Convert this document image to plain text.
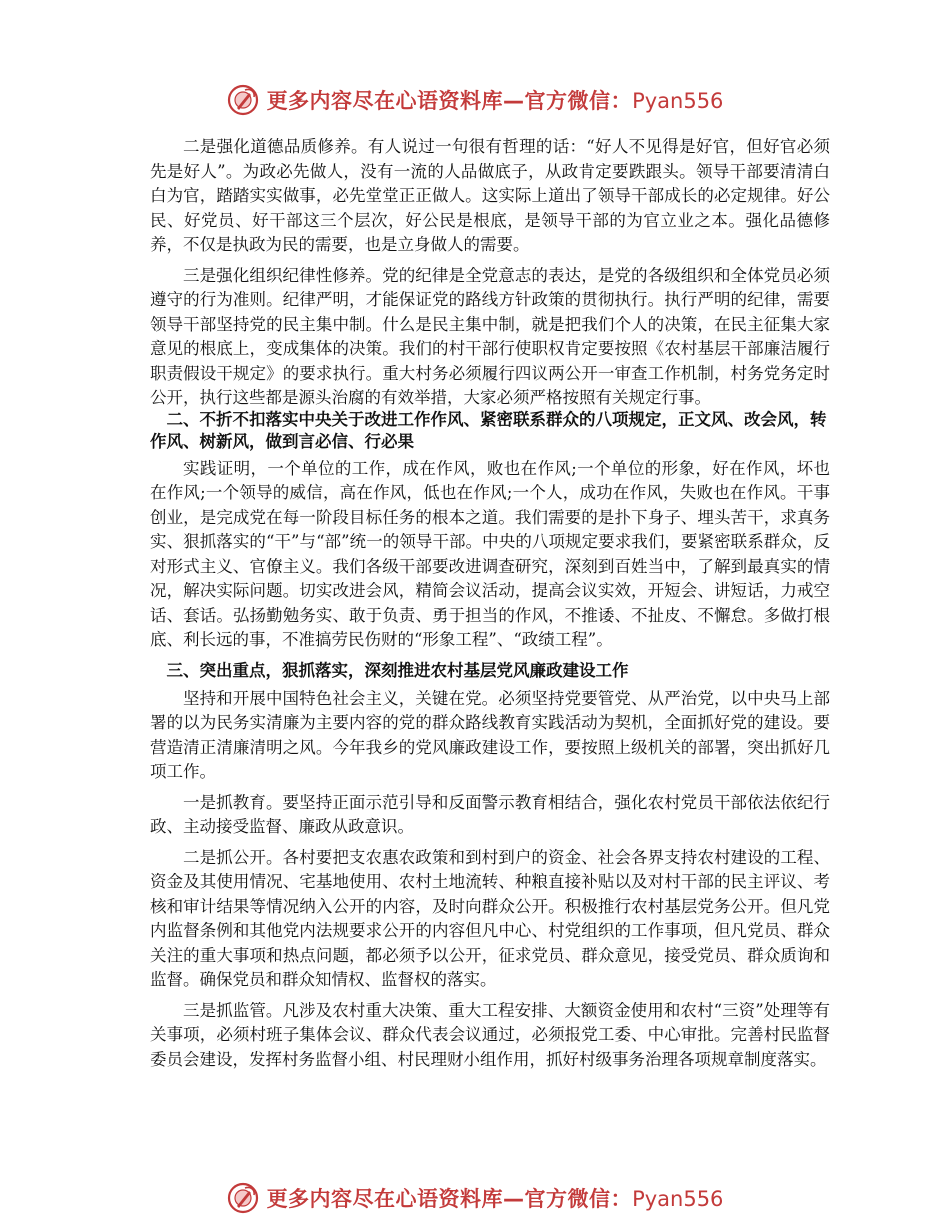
更多内容尽在心语资料库—官方微信：Pyan556

二是强化道德品质修养。有人说过一句很有哲理的话：“好人不见得是好官，但好官必须先是好人”。为政必先做人，没有一流的人品做底子，从政肯定要跌跟头。领导干部要清清白白为官，踏踏实实做事，必先堂堂正正做人。这实际上道出了领导干部成长的必定规律。好公民、好党员、好干部这三个层次，好公民是根底，是领导干部的为官立业之本。强化品德修养，不仅是执政为民的需要，也是立身做人的需要。

三是强化组织纪律性修养。党的纪律是全党意志的表达，是党的各级组织和全体党员必须遵守的行为准则。纪律严明，才能保证党的路线方针政策的贯彻执行。执行严明的纪律，需要领导干部坚持党的民主集中制。什么是民主集中制，就是把我们个人的决策，在民主征集大家意见的根底上，变成集体的决策。我们的村干部行使职权肯定要按照《农村基层干部廉洁履行职责假设干规定》的要求执行。重大村务必须履行四议两公开一审查工作机制，村务党务定时公开，执行这些都是源头治腐的有效举措，大家必须严格按照有关规定行事。

二、不折不扣落实中央关于改进工作作风、紧密联系群众的八项规定，正文风、改会风，转作风、树新风，做到言必信、行必果

实践证明，一个单位的工作，成在作风，败也在作风;一个单位的形象，好在作风，坏也在作风;一个领导的威信，高在作风，低也在作风;一个人，成功在作风，失败也在作风。干事创业，是完成党在每一阶段目标任务的根本之道。我们需要的是扑下身子、埋头苦干，求真务实、狠抓落实的“干”与“部”统一的领导干部。中央的八项规定要求我们，要紧密联系群众，反对形式主义、官僚主义。我们各级干部要改进调查研究，深刻到百姓当中，了解到最真实的情况，解决实际问题。切实改进会风，精简会议活动，提高会议实效，开短会、讲短话，力戒空话、套话。弘扬勤勉务实、敢于负责、勇于担当的作风，不推诿、不扯皮、不懈怠。多做打根底、利长远的事，不准搞劳民伤财的“形象工程”、“政绩工程”。

三、突出重点，狠抓落实，深刻推进农村基层党风廉政建设工作

坚持和开展中国特色社会主义，关键在党。必须坚持党要管党、从严治党，以中央马上部署的以为民务实清廉为主要内容的党的群众路线教育实践活动为契机，全面抓好党的建设。要营造清正清廉清明之风。今年我乡的党风廉政建设工作，要按照上级机关的部署，突出抓好几项工作。

一是抓教育。要坚持正面示范引导和反面警示教育相结合，强化农村党员干部依法依纪行政、主动接受监督、廉政从政意识。

二是抓公开。各村要把支农惠农政策和到村到户的资金、社会各界支持农村建设的工程、资金及其使用情况、宅基地使用、农村土地流转、种粮直接补贴以及对村干部的民主评议、考核和审计结果等情况纳入公开的内容，及时向群众公开。积极推行农村基层党务公开。但凡党内监督条例和其他党内法规要求公开的内容但凡中心、村党组织的工作事项，但凡党员、群众关注的重大事项和热点问题，都必须予以公开，征求党员、群众意见，接受党员、群众质询和监督。确保党员和群众知情权、监督权的落实。

三是抓监管。凡涉及农村重大决策、重大工程安排、大额资金使用和农村“三资”处理等有关事项，必须村班子集体会议、群众代表会议通过，必须报党工委、中心审批。完善村民监督委员会建设，发挥村务监督小组、村民理财小组作用，抓好村级事务治理各项规章制度落实。

更多内容尽在心语资料库—官方微信：Pyan556
